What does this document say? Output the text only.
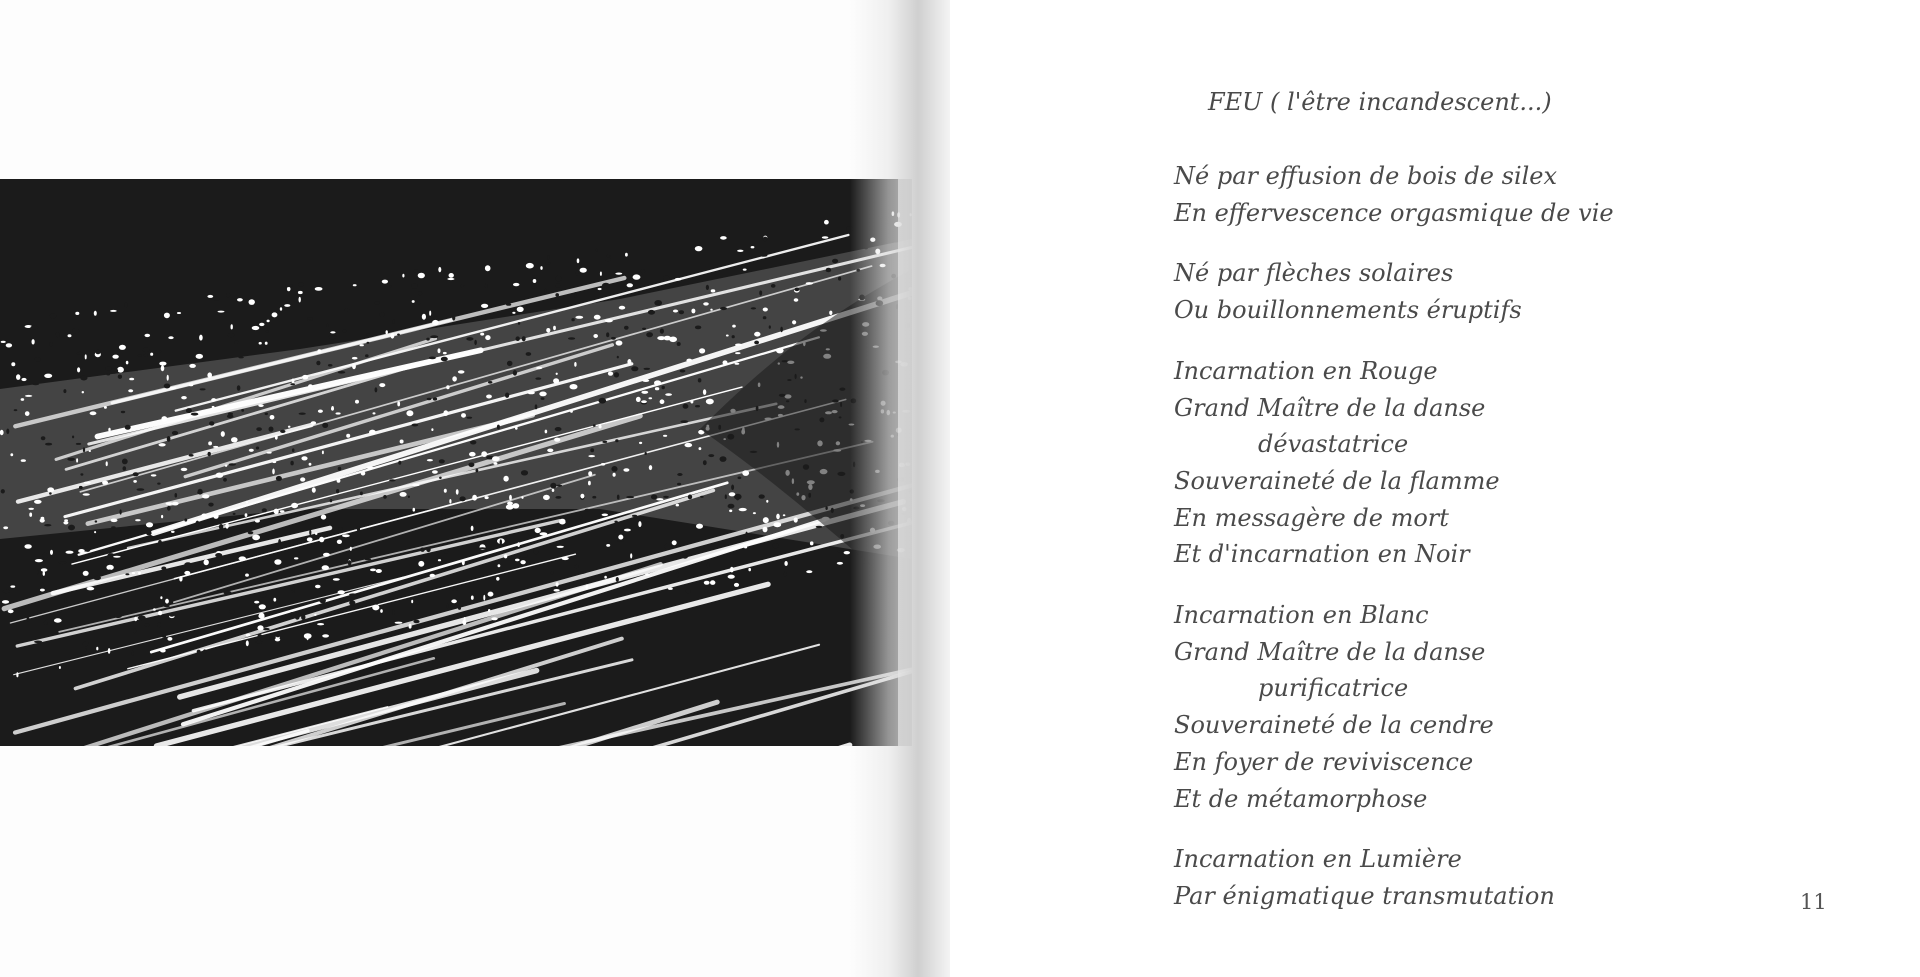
FEU ( l'être incandescent...)
Né par effusion de bois de silex
En effervescence orgasmique de vie
Né par flèches solaires
Ou bouillonnements éruptifs
Incarnation en Rouge
Grand Maître de la danse
dévastatrice
Souveraineté de la flamme
En messagère de mort
Et d'incarnation en Noir
Incarnation en Blanc
Grand Maître de la danse
purificatrice
Souveraineté de la cendre
En foyer de reviviscence
Et de métamorphose
Incarnation en Lumière
Par énigmatique transmutation	11
